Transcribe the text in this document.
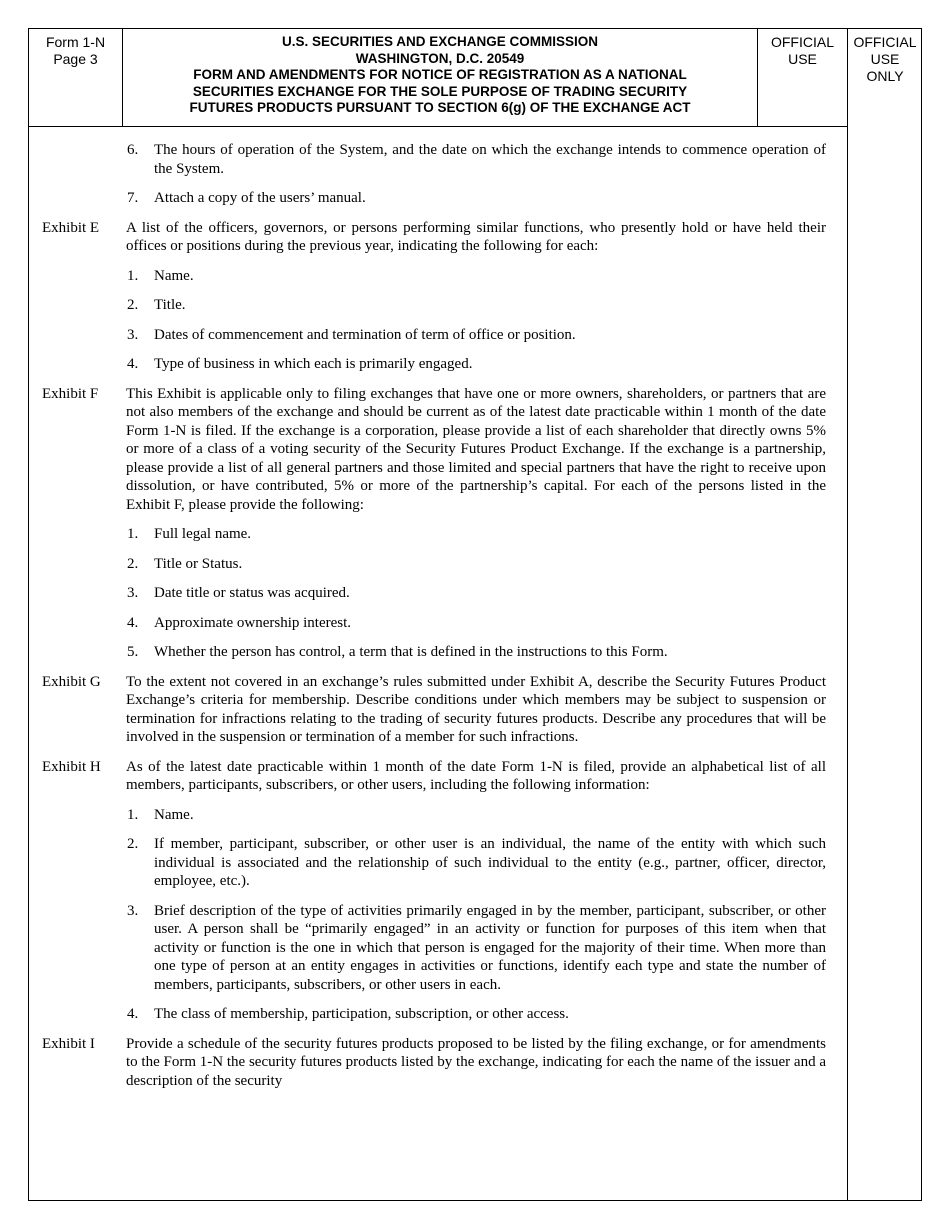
Form 1-N
Page 3
U.S. SECURITIES AND EXCHANGE COMMISSION
WASHINGTON, D.C. 20549
FORM AND AMENDMENTS FOR NOTICE OF REGISTRATION AS A NATIONAL
SECURITIES EXCHANGE FOR THE SOLE PURPOSE OF TRADING SECURITY
FUTURES PRODUCTS PURSUANT TO SECTION 6(g) OF THE EXCHANGE ACT
OFFICIAL
USE
OFFICIAL
USE
ONLY
6. The hours of operation of the System, and the date on which the exchange intends to commence operation of the System.
7. Attach a copy of the users’ manual.
Exhibit E A list of the officers, governors, or persons performing similar functions, who presently hold or have held their offices or positions during the previous year, indicating the following for each:
1. Name.
2. Title.
3. Dates of commencement and termination of term of office or position.
4. Type of business in which each is primarily engaged.
Exhibit F This Exhibit is applicable only to filing exchanges that have one or more owners, shareholders, or partners that are not also members of the exchange and should be current as of the latest date practicable within 1 month of the date Form 1-N is filed. If the exchange is a corporation, please provide a list of each shareholder that directly owns 5% or more of a class of a voting security of the Security Futures Product Exchange. If the exchange is a partnership, please provide a list of all general partners and those limited and special partners that have the right to receive upon dissolution, or have contributed, 5% or more of the partnership’s capital. For each of the persons listed in the Exhibit F, please provide the following:
1. Full legal name.
2. Title or Status.
3. Date title or status was acquired.
4. Approximate ownership interest.
5. Whether the person has control, a term that is defined in the instructions to this Form.
Exhibit G To the extent not covered in an exchange’s rules submitted under Exhibit A, describe the Security Futures Product Exchange’s criteria for membership. Describe conditions under which members may be subject to suspension or termination for infractions relating to the trading of security futures products. Describe any procedures that will be involved in the suspension or termination of a member for such infractions.
Exhibit H As of the latest date practicable within 1 month of the date Form 1-N is filed, provide an alphabetical list of all members, participants, subscribers, or other users, including the following information:
1. Name.
2. If member, participant, subscriber, or other user is an individual, the name of the entity with which such individual is associated and the relationship of such individual to the entity (e.g., partner, officer, director, employee, etc.).
3. Brief description of the type of activities primarily engaged in by the member, participant, subscriber, or other user. A person shall be “primarily engaged” in an activity or function for purposes of this item when that activity or function is the one in which that person is engaged for the majority of their time. When more than one type of person at an entity engages in activities or functions, identify each type and state the number of members, participants, subscribers, or other users in each.
4. The class of membership, participation, subscription, or other access.
Exhibit I Provide a schedule of the security futures products proposed to be listed by the filing exchange, or for amendments to the Form 1-N the security futures products listed by the exchange, indicating for each the name of the issuer and a description of the security
